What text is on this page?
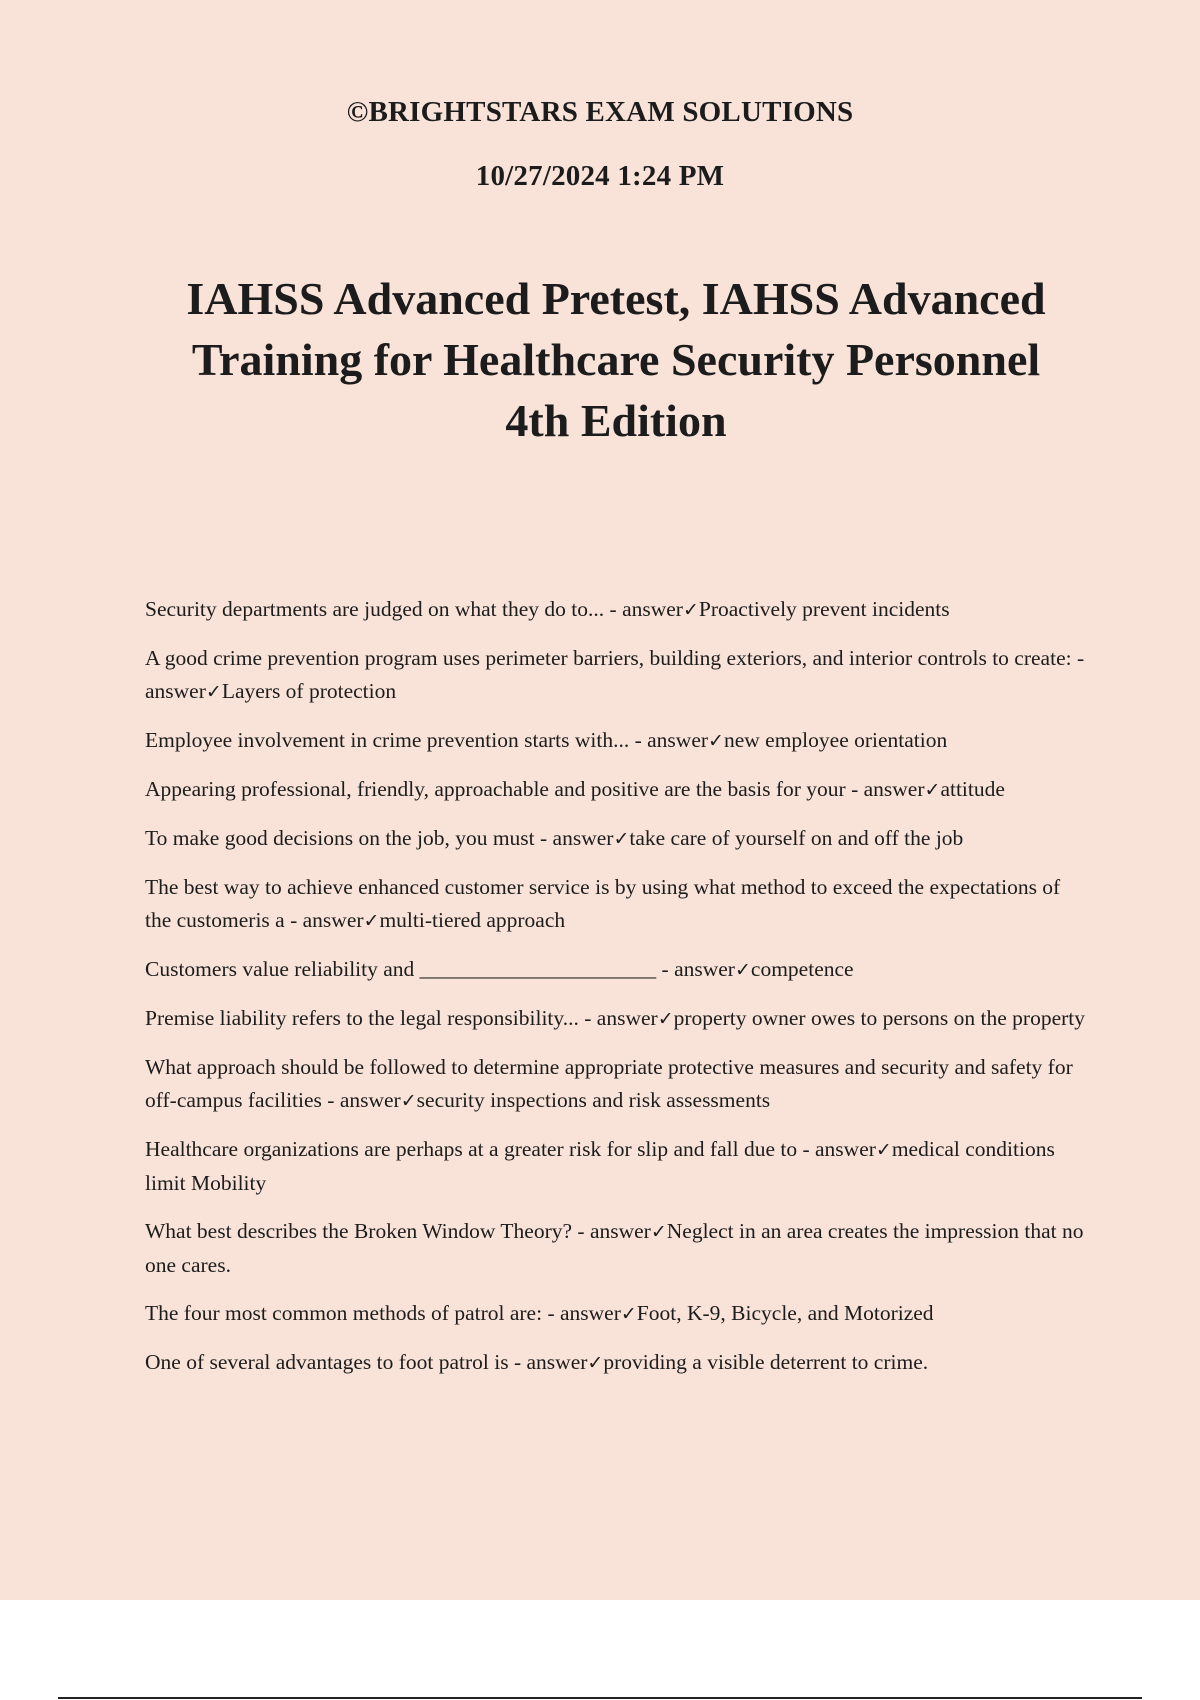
©BRIGHTSTARS EXAM SOLUTIONS
10/27/2024 1:24 PM
IAHSS Advanced Pretest, IAHSS Advanced
Training for Healthcare Security Personnel
4th Edition

Security departments are judged on what they do to... - answer✓Proactively prevent incidents

A good crime prevention program uses perimeter barriers, building exteriors, and interior controls to create: - answer✓Layers of protection

Employee involvement in crime prevention starts with... - answer✓new employee orientation

Appearing professional, friendly, approachable and positive are the basis for your - answer✓attitude

To make good decisions on the job, you must - answer✓take care of yourself on and off the job

The best way to achieve enhanced customer service is by using what method to exceed the expectations of the customeris a - answer✓multi-tiered approach

Customers value reliability and ______________________ - answer✓competence

Premise liability refers to the legal responsibility... - answer✓property owner owes to persons on the property

What approach should be followed to determine appropriate protective measures and security and safety for off-campus facilities - answer✓security inspections and risk assessments

Healthcare organizations are perhaps at a greater risk for slip and fall due to - answer✓medical conditions limit Mobility

What best describes the Broken Window Theory? - answer✓Neglect in an area creates the impression that no one cares.

The four most common methods of patrol are: - answer✓Foot, K-9, Bicycle, and Motorized

One of several advantages to foot patrol is - answer✓providing a visible deterrent to crime.
